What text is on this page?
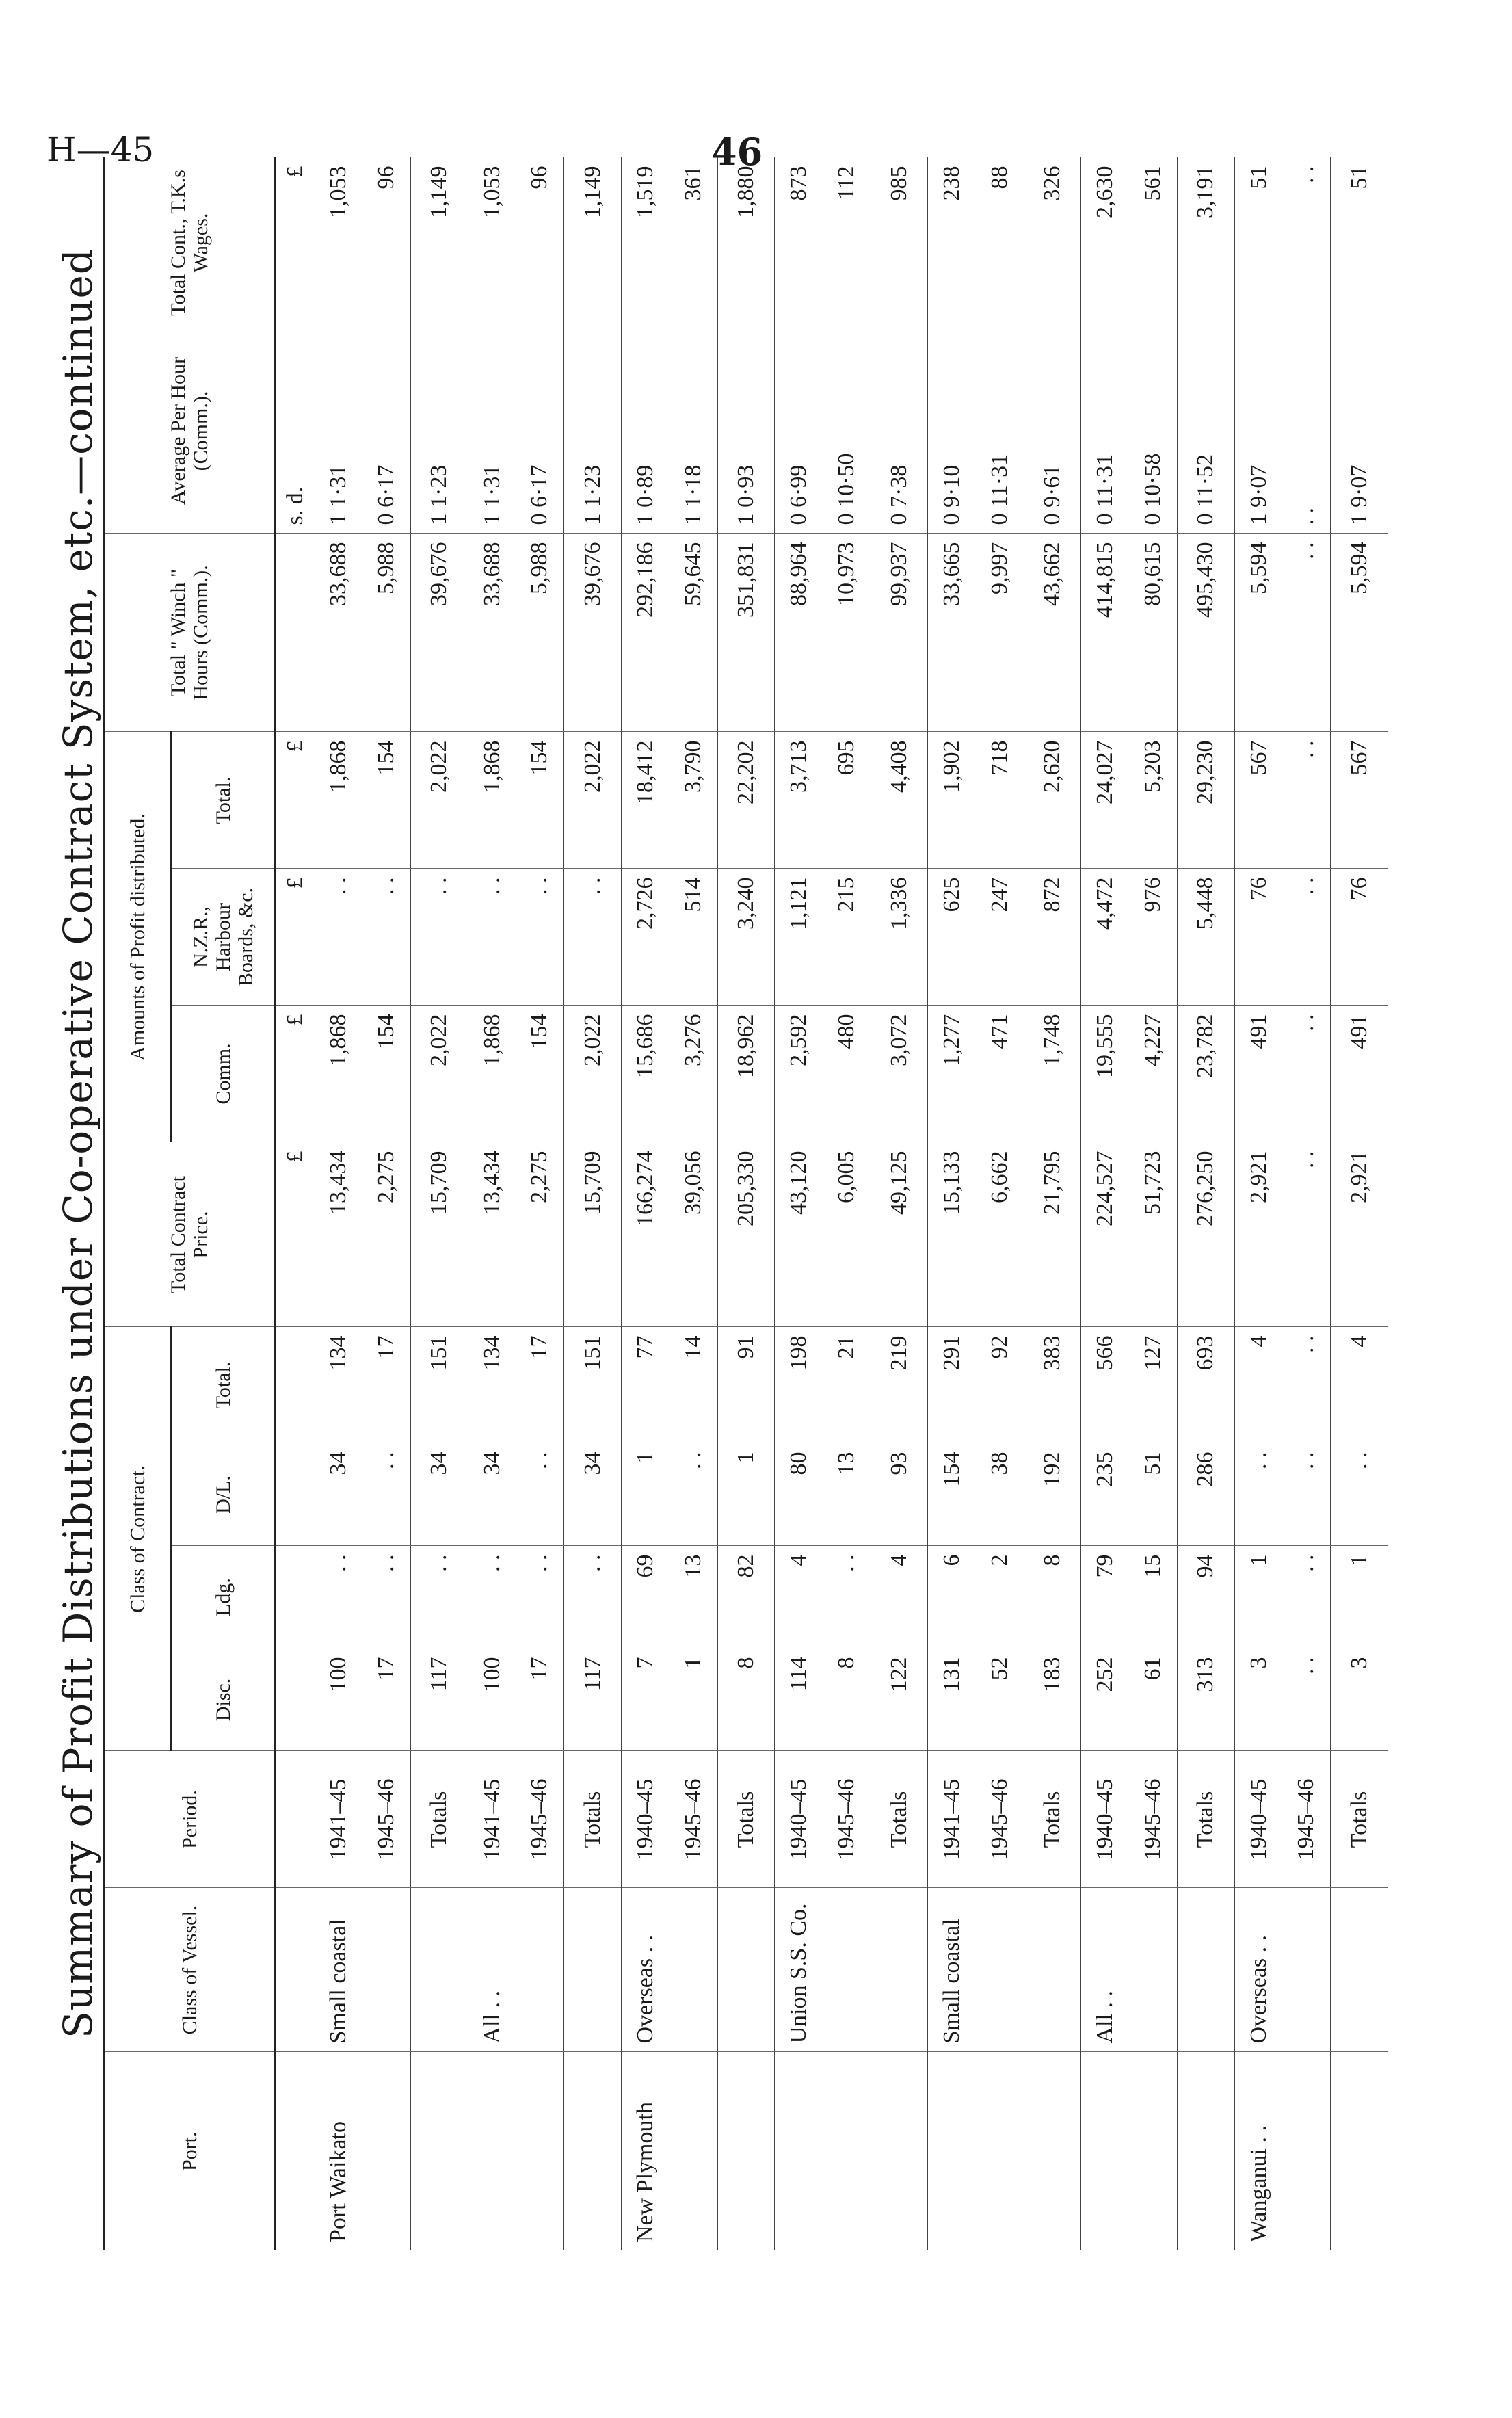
H—45	46
Summary of Profit Distributions under Co-operative Contract System, etc.—continued
Port.	Class of Vessel.	Period.	Class of Contract.				Total Contract Price.	Amounts of Profit distributed.			Total " Winch " Hours (Comm.).	Average Per Hour (Comm.).	Total Cont., T.K.s Wages.
			Disc.	Ldg.	D/L.	Total.		Comm.	N.Z.R., Harbour Boards, &c.	Total.			
							£	£	£	£		s. d.	£
Port Waikato	Small coastal	1941–45	100	. .	34	134	13,434	1,868	. .	1,868	33,688	1 1·31	1,053
		1945–46	17	. .	. .	17	2,275	154	. .	154	5,988	0 6·17	96
		Totals	117	. .	34	151	15,709	2,022	. .	2,022	39,676	1 1·23	1,149
	All . .	1941–45	100	. .	34	134	13,434	1,868	. .	1,868	33,688	1 1·31	1,053
		1945–46	17	. .	. .	17	2,275	154	. .	154	5,988	0 6·17	96
		Totals	117	. .	34	151	15,709	2,022	. .	2,022	39,676	1 1·23	1,149
New Plymouth	Overseas . .	1940–45	7	69	1	77	166,274	15,686	2,726	18,412	292,186	1 0·89	1,519
		1945–46	1	13	. .	14	39,056	3,276	514	3,790	59,645	1 1·18	361
		Totals	8	82	1	91	205,330	18,962	3,240	22,202	351,831	1 0·93	1,880
	Union S.S. Co.	1940–45	114	4	80	198	43,120	2,592	1,121	3,713	88,964	0 6·99	873
		1945–46	8	. .	13	21	6,005	480	215	695	10,973	0 10·50	112
		Totals	122	4	93	219	49,125	3,072	1,336	4,408	99,937	0 7·38	985
	Small coastal	1941–45	131	6	154	291	15,133	1,277	625	1,902	33,665	0 9·10	238
		1945–46	52	2	38	92	6,662	471	247	718	9,997	0 11·31	88
		Totals	183	8	192	383	21,795	1,748	872	2,620	43,662	0 9·61	326
	All . .	1940–45	252	79	235	566	224,527	19,555	4,472	24,027	414,815	0 11·31	2,630
		1945–46	61	15	51	127	51,723	4,227	976	5,203	80,615	0 10·58	561
		Totals	313	94	286	693	276,250	23,782	5,448	29,230	495,430	0 11·52	3,191
Wanganui . .	Overseas . .	1940–45	3	1	. .	4	2,921	491	76	567	5,594	1 9·07	51
		1945–46	. .	. .	. .	. .	. .	. .	. .	. .	. .	. .	. .
		Totals	3	1	. .	4	2,921	491	76	567	5,594	1 9·07	51
